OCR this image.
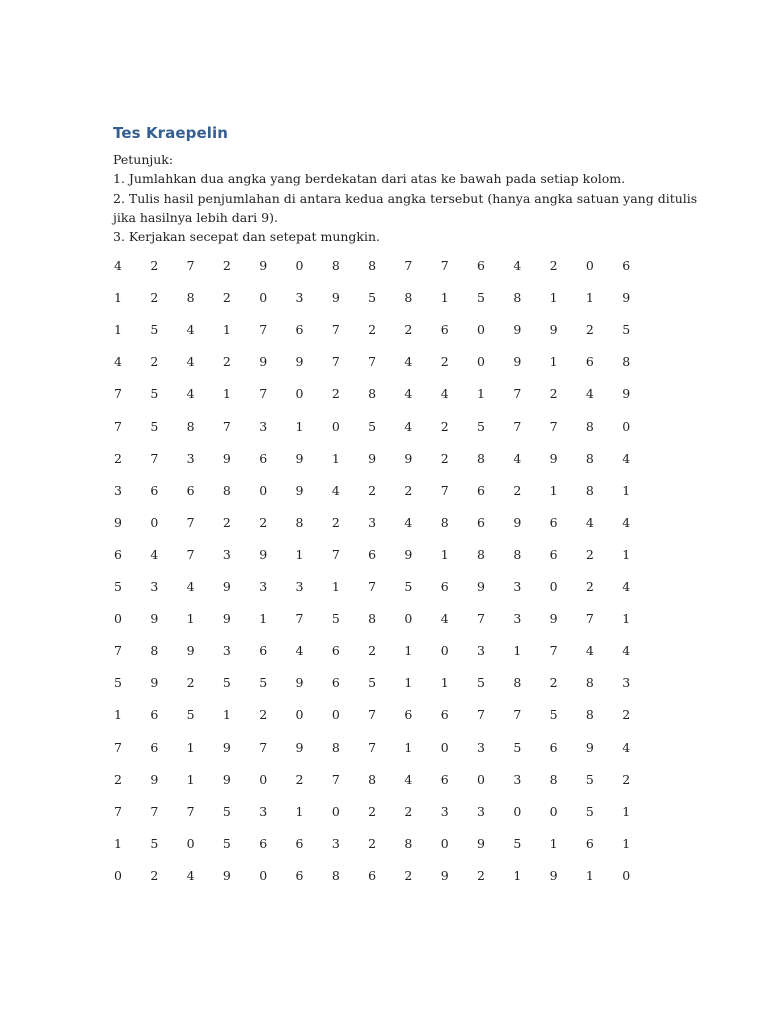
Tes Kraepelin
Petunjuk:
1. Jumlahkan dua angka yang berdekatan dari atas ke bawah pada setiap kolom.
2. Tulis hasil penjumlahan di antara kedua angka tersebut (hanya angka satuan yang ditulis
jika hasilnya lebih dari 9).
3. Kerjakan secepat dan setepat mungkin.
4	2	7	2	9	0	8	8	7	7	6	4	2	0	6
1	2	8	2	0	3	9	5	8	1	5	8	1	1	9
1	5	4	1	7	6	7	2	2	6	0	9	9	2	5
4	2	4	2	9	9	7	7	4	2	0	9	1	6	8
7	5	4	1	7	0	2	8	4	4	1	7	2	4	9
7	5	8	7	3	1	0	5	4	2	5	7	7	8	0
2	7	3	9	6	9	1	9	9	2	8	4	9	8	4
3	6	6	8	0	9	4	2	2	7	6	2	1	8	1
9	0	7	2	2	8	2	3	4	8	6	9	6	4	4
6	4	7	3	9	1	7	6	9	1	8	8	6	2	1
5	3	4	9	3	3	1	7	5	6	9	3	0	2	4
0	9	1	9	1	7	5	8	0	4	7	3	9	7	1
7	8	9	3	6	4	6	2	1	0	3	1	7	4	4
5	9	2	5	5	9	6	5	1	1	5	8	2	8	3
1	6	5	1	2	0	0	7	6	6	7	7	5	8	2
7	6	1	9	7	9	8	7	1	0	3	5	6	9	4
2	9	1	9	0	2	7	8	4	6	0	3	8	5	2
7	7	7	5	3	1	0	2	2	3	3	0	0	5	1
1	5	0	5	6	6	3	2	8	0	9	5	1	6	1
0	2	4	9	0	6	8	6	2	9	2	1	9	1	0
